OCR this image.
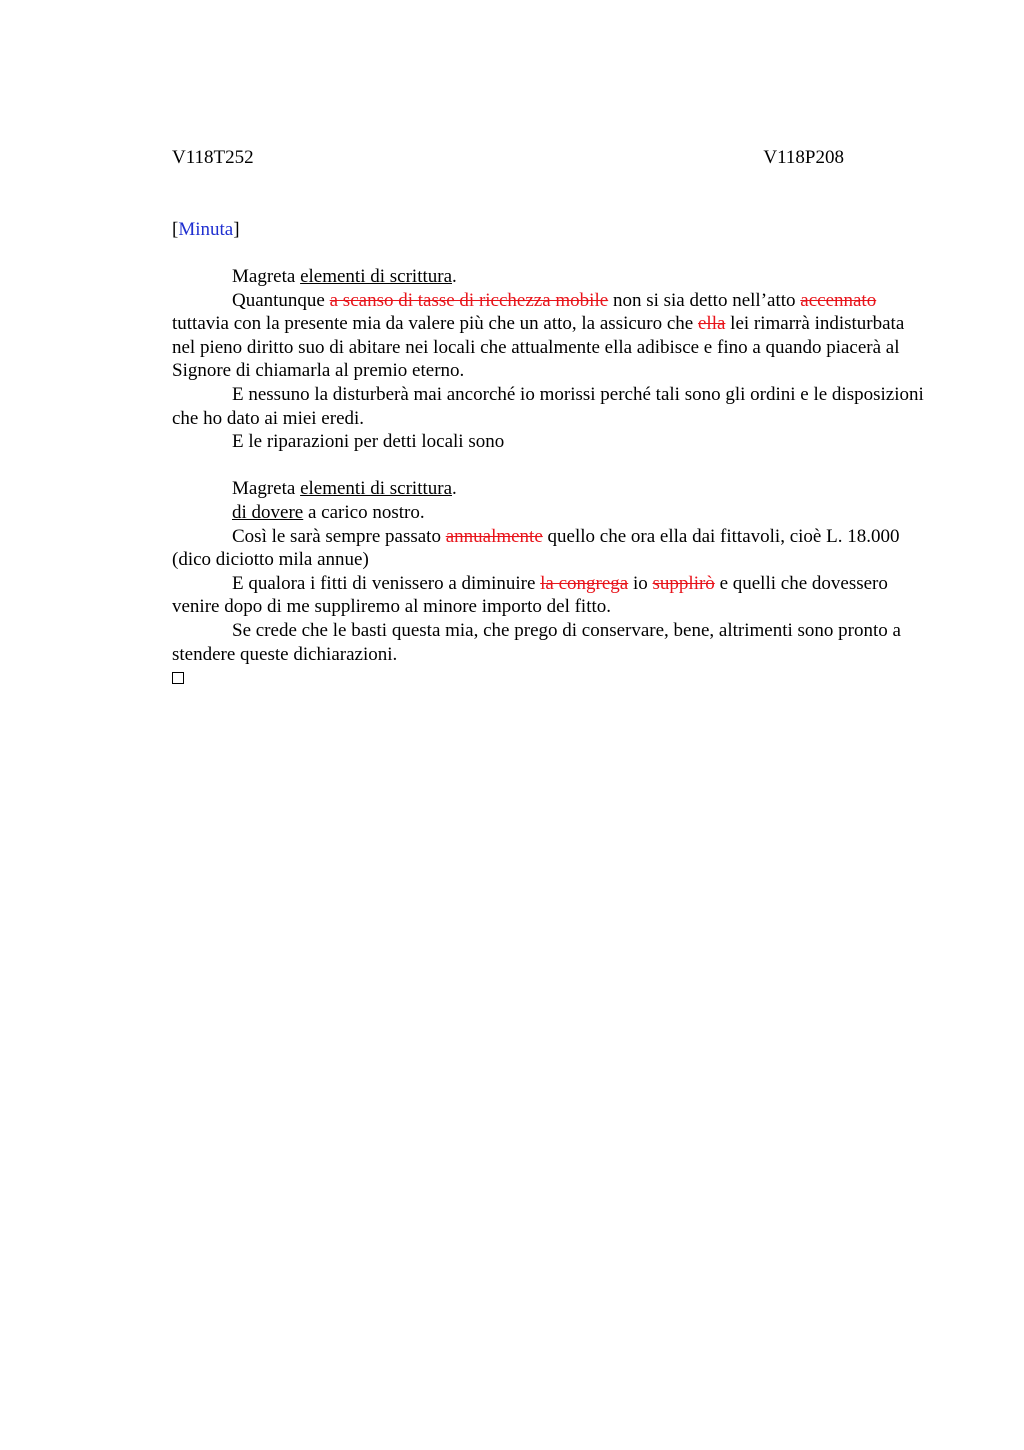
V118T252	V118P208
[Minuta]

Magreta elementi di scrittura.

Quantunque a scanso di tasse di ricchezza mobile non si sia detto nell’atto accennato tuttavia con la presente mia da valere più che un atto, la assicuro che ella lei rimarrà indisturbata nel pieno diritto suo di abitare nei locali che attualmente ella adibisce e fino a quando piacerà al Signore di chiamarla al premio eterno.

E nessuno la disturberà mai ancorché io morissi perché tali sono gli ordini e le disposizioni che ho dato ai miei eredi.

E le riparazioni per detti locali sono

Magreta elementi di scrittura.

di dovere a carico nostro.

Così le sarà sempre passato annualmente quello che ora ella dai fittavoli, cioè L. 18.000 (dico diciotto mila annue)

E qualora i fitti di venissero a diminuire la congrega io supplirò e quelli che dovessero venire dopo di me suppliremo al minore importo del fitto.

Se crede che le basti questa mia, che prego di conservare, bene, altrimenti sono pronto a stendere queste dichiarazioni.
